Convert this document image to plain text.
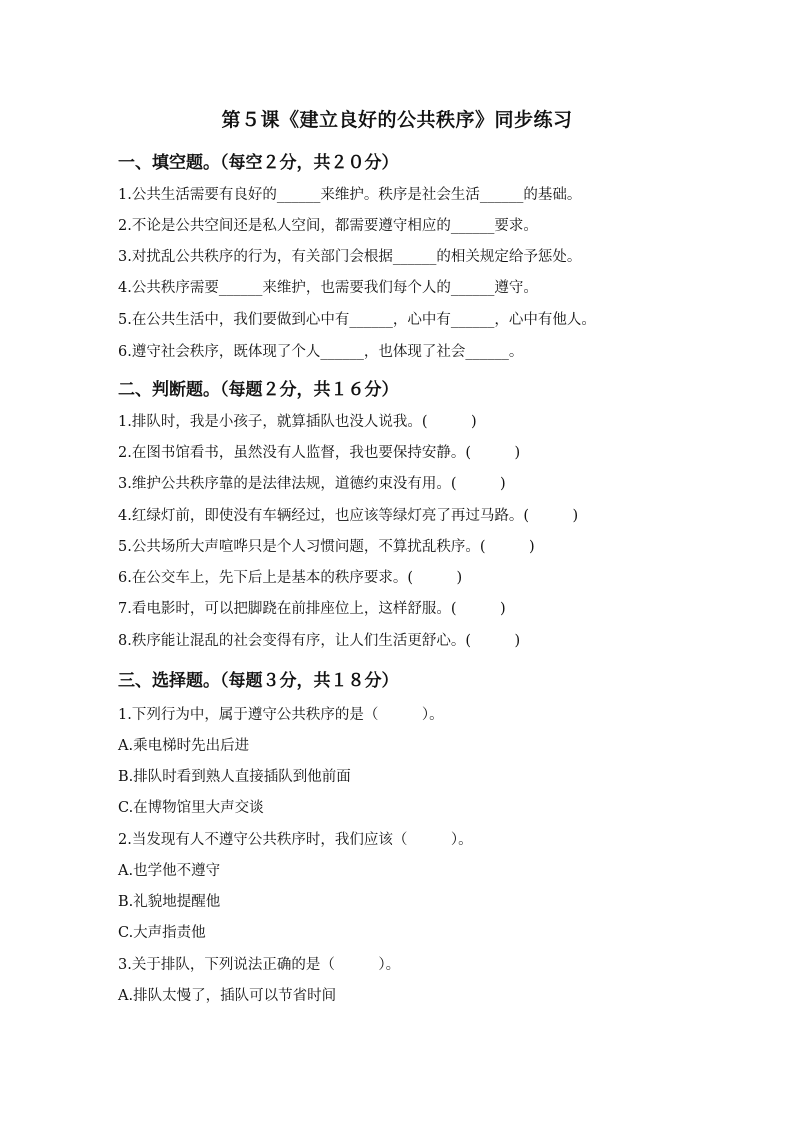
第５课《建立良好的公共秩序》同步练习
一、填空题。（每空２分，共２０分）
1.公共生活需要有良好的______来维护。秩序是社会生活______的基础。
2.不论是公共空间还是私人空间，都需要遵守相应的______要求。
3.对扰乱公共秩序的行为，有关部门会根据______的相关规定给予惩处。
4.公共秩序需要______来维护，也需要我们每个人的______遵守。
5.在公共生活中，我们要做到心中有______，心中有______，心中有他人。
6.遵守社会秩序，既体现了个人______，也体现了社会______。
二、判断题。（每题２分，共１６分）
1.排队时，我是小孩子，就算插队也没人说我。(　　　)
2.在图书馆看书，虽然没有人监督，我也要保持安静。(　　　)
3.维护公共秩序靠的是法律法规，道德约束没有用。(　　　)
4.红绿灯前，即使没有车辆经过，也应该等绿灯亮了再过马路。(　　　)
5.公共场所大声喧哗只是个人习惯问题，不算扰乱秩序。(　　　)
6.在公交车上，先下后上是基本的秩序要求。(　　　)
7.看电影时，可以把脚跷在前排座位上，这样舒服。(　　　)
8.秩序能让混乱的社会变得有序，让人们生活更舒心。(　　　)
三、选择题。（每题３分，共１８分）
1.下列行为中，属于遵守公共秩序的是（　　　）。
A.乘电梯时先出后进
B.排队时看到熟人直接插队到他前面
C.在博物馆里大声交谈
2.当发现有人不遵守公共秩序时，我们应该（　　　）。
A.也学他不遵守
B.礼貌地提醒他
C.大声指责他
3.关于排队，下列说法正确的是（　　　）。
A.排队太慢了，插队可以节省时间
